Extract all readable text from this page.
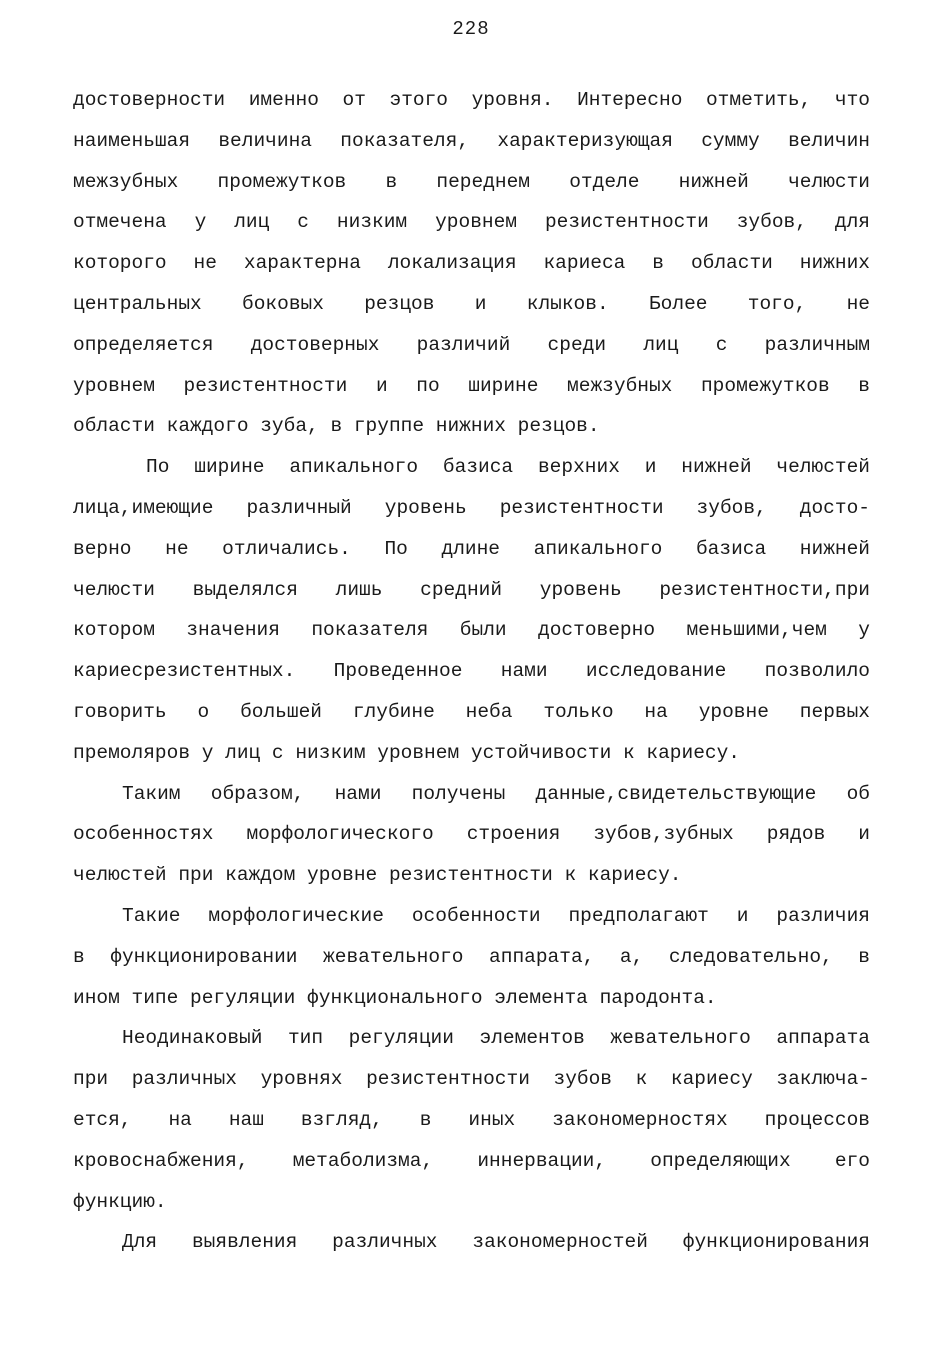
228
достоверности именно от этого уровня. Интересно отметить, что
наименьшая величина показателя, характеризующая сумму величин
межзубных промежутков в переднем отделе нижней челюсти
отмечена у лиц с низким уровнем резистентности зубов, для
которого не характерна локализация кариеса в области нижних
центральных боковых резцов и клыков. Более того, не
определяется достоверных различий среди лиц с различным
уровнем резистентности и по ширине межзубных промежутков в
области каждого зуба, в группе нижних резцов.
По ширине апикального базиса верхних и нижней челюстей
лица,имеющие различный уровень резистентности зубов, досто-
верно не отличались. По длине апикального базиса нижней
челюсти выделялся лишь средний уровень резистентности,при
котором значения показателя были достоверно меньшими,чем у
кариесрезистентных. Проведенное нами исследование позволило
говорить о большей глубине неба только на уровне первых
премоляров у лиц с низким уровнем устойчивости к кариесу.
Таким образом, нами получены данные,свидетельствующие об
особенностях морфологического строения зубов,зубных рядов и
челюстей при каждом уровне резистентности к кариесу.
Такие морфологические особенности предполагают и различия
в функционировании жевательного аппарата, а, следовательно, в
ином типе регуляции функционального элемента пародонта.
Неодинаковый тип регуляции элементов жевательного аппарата
при различных уровнях резистентности зубов к кариесу заключа-
ется, на наш взгляд, в иных закономерностях процессов
кровоснабжения, метаболизма, иннервации, определяющих его
функцию.
Для выявления различных закономерностей функционирования
